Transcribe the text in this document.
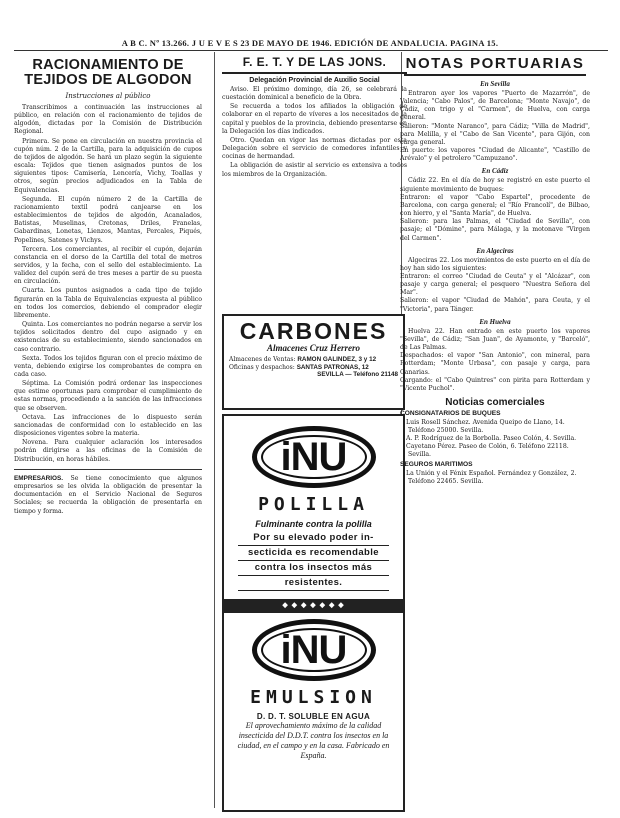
A B C. Nº 13.266. J U E V E S 23 DE MAYO DE 1946. EDICIÓN DE ANDALUCIA. PAGINA 15.
RACIONAMIENTO DE TEJIDOS DE ALGODON
Instrucciones al público

Transcribimos a continuación las instrucciones al público, en relación con el racionamiento de tejidos de algodón, dictadas por la Comisión de Distribución Regional.

Primera. Se pone en circulación en nuestra provincia el cupón núm. 2 de la Cartilla, para la adquisición de cupos de tejidos de algodón. Se hará un plazo según la siguiente escala: Tejidos que tienen asignados puntos de los siguientes tipos: Camisería, Lencería, Vichy, Toallas y otros, según precios adjudicados en la Tabla de Equivalencias.

Segunda. El cupón número 2 de la Cartilla de racionamiento textil podrá canjearse en los establecimientos de tejidos de algodón, Acanalados, Batistas, Muselinas, Cretonas, Driles, Franelas, Gabardinas, Lonetas, Lienzos, Mantas, Percales, Piqués, Popelines, Satenes y Vichys.

Tercera. Los comerciantes, al recibir el cupón, dejarán constancia en el dorso de la Cartilla del total de metros servidos, y la fecha, con el sello del establecimiento. La validez del cupón será de tres meses a partir de su puesta en circulación.

Cuarta. Los puntos asignados a cada tipo de tejido figurarán en la Tabla de Equivalencias expuesta al público en todos los comercios, debiendo el comprador elegir libremente.

Quinta. Los comerciantes no podrán negarse a servir los tejidos solicitados dentro del cupo asignado y en existencias de su establecimiento, siendo sancionados en caso contrario.

Sexta. Todos los tejidos figuran con el precio máximo de venta, debiendo exigirse los comprobantes de compra en cada caso.

Séptima. La Comisión podrá ordenar las inspecciones que estime oportunas para comprobar el cumplimiento de estas normas, procediendo a la sanción de las infracciones que se observen.

Octava. Las infracciones de lo dispuesto serán sancionadas de conformidad con lo establecido en las disposiciones vigentes sobre la materia.

Novena. Para cualquier aclaración los interesados podrán dirigirse a las oficinas de la Comisión de Distribución, en horas hábiles.

EMPRESARIOS. Se tiene conocimiento que algunos empresarios se les olvida la obligación de presentar la documentación en el Servicio Nacional de Seguros Sociales; se recuerda la obligación de presentarla en tiempo y forma.

F. E. T. Y DE LAS JONS.
Delegación Provincial de Auxilio Social

Aviso. El próximo domingo, día 26, se celebrará la cuestación dominical a beneficio de la Obra.

Se recuerda a todos los afiliados la obligación de colaborar en el reparto de víveres a los necesitados de la capital y pueblos de la provincia, debiendo presentarse en la Delegación los días indicados.

Otro. Quedan en vigor las normas dictadas por esta Delegación sobre el servicio de comedores infantiles y cocinas de hermandad.

La obligación de asistir al servicio es extensiva a todos los miembros de la Organización.

CARBONES
Almacenes Cruz Herrero
Almacenes de Ventas: RAMON GALINDEZ, 3 y 12
Oficinas y despachos: SANTAS PATRONAS, 12
SEVILLA — Teléfono 21148
iNU
POLILLA
Fulminante contra la polilla
Por su elevado poder in-
secticida es recomendable
contra los insectos más
resistentes.
◆ ◆ ◆ ◆ ◆ ◆ ◆
iNU
EMULSION
D. D. T. SOLUBLE EN AGUA
El aprovechamiento máximo de la calidad insecticida del D.D.T. contra los insectos en la ciudad, en el campo y en la casa. Fabricado en España.
NOTAS PORTUARIAS
En Sevilla
Entraron ayer los vapores "Puerto de Mazarrón", de Valencia; "Cabo Palos", de Barcelona; "Monte Navajo", de Cádiz, con trigo y el "Carmen", de Huelva, con carga general.
Salieron: "Monte Naranco", para Cádiz; "Villa de Madrid", para Melilla, y el "Cabo de San Vicente", para Gijón, con carga general.
En puerto: los vapores "Ciudad de Alicante", "Castillo de Arévalo" y el petrolero "Campuzano".
En Cádiz
Cádiz 22. En el día de hoy se registró en este puerto el siguiente movimiento de buques:
Entraron: el vapor "Cabo Espartel", procedente de Barcelona, con carga general; el "Río Francolí", de Bilbao, con hierro, y el "Santa María", de Huelva.
Salieron: para las Palmas, el "Ciudad de Sevilla", con pasaje; el "Dómine", para Málaga, y la motonave "Virgen del Carmen".
En Algeciras
Algeciras 22. Los movimientos de este puerto en el día de hoy han sido los siguientes:
Entraron: el correo "Ciudad de Ceuta" y el "Alcázar", con pasaje y carga general; el pesquero "Nuestra Señora del Mar".
Salieron: el vapor "Ciudad de Mahón", para Ceuta, y el "Victoria", para Tánger.
En Huelva
Huelva 22. Han entrado en este puerto los vapores "Sevilla", de Cádiz; "San Juan", de Ayamonte, y "Barceló", de Las Palmas.
Despachados: el vapor "San Antonio", con mineral, para Rotterdam; "Monte Urbasa", con pasaje y carga, para Canarias.
Cargando: el "Cabo Quintres" con pirita para Rotterdam y "Vicente Puchol".
Noticias comerciales
CONSIGNATARIOS DE BUQUES
Luis Rosell Sánchez. Avenida Queipo de Llano, 14. Teléfono 25000. Sevilla.
A. P. Rodríguez de la Borbolla. Paseo Colón, 4. Sevilla.
Cayetano Pérez. Paseo de Colón, 6. Teléfono 22118. Sevilla.
SEGUROS MARITIMOS
La Unión y el Fénix Español. Fernández y González, 2. Teléfono 22465. Sevilla.
